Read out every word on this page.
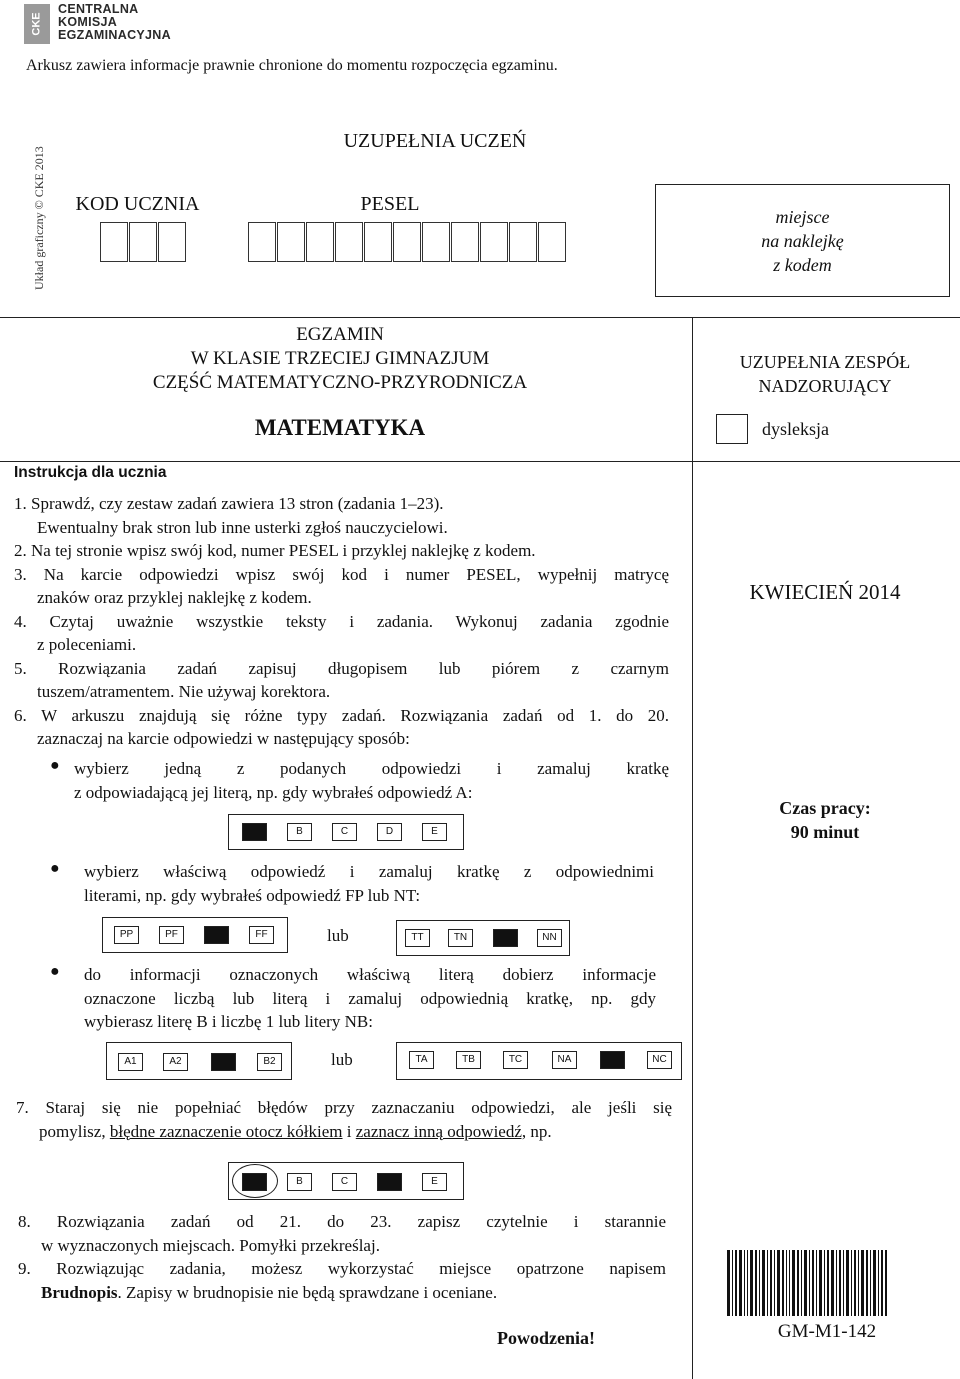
CKE
CENTRALNA
KOMISJA
EGZAMINACYJNA
Arkusz zawiera informacje prawnie chronione do momentu rozpoczęcia egzaminu.
Układ graficzny © CKE 2013
UZUPEŁNIA UCZEŃ
KOD UCZNIA	PESEL
miejsce
na naklejkę
z kodem
EGZAMIN
W KLASIE TRZECIEJ GIMNAZJUM
CZĘŚĆ MATEMATYCZNO-PRZYRODNICZA
MATEMATYKA
UZUPEŁNIA ZESPÓŁ
NADZORUJĄCY
dysleksja
KWIECIEŃ 2014
Czas pracy:
90 minut
GM-M1-142
Instrukcja dla ucznia

1. Sprawdź, czy zestaw zadań zawiera 13 stron (zadania 1–23).

Ewentualny brak stron lub inne usterki zgłoś nauczycielowi.

2. Na tej stronie wpisz swój kod, numer PESEL i przyklej naklejkę z kodem.

3. Na karcie odpowiedzi wpisz swój kod i numer PESEL, wypełnij matrycę

znaków oraz przyklej naklejkę z kodem.

4. Czytaj uważnie wszystkie teksty i zadania. Wykonuj zadania zgodnie

z poleceniami.

5. Rozwiązania zadań zapisuj długopisem lub piórem z czarnym

tuszem/atramentem. Nie używaj korektora.

6. W arkuszu znajdują się różne typy zadań. Rozwiązania zadań od 1. do 20.

zaznaczaj na karcie odpowiedzi w następujący sposób:

● wybierz jedną z podanych odpowiedzi i zamaluj kratkę

z odpowiadającą jej literą, np. gdy wybrałeś odpowiedź A:

B	C	D	E
● wybierz właściwą odpowiedź i zamaluj kratkę z odpowiednimi

literami, np. gdy wybrałeś odpowiedź FP lub NT:

PP	PF	FF	lub	TT	TN	NN
● do informacji oznaczonych właściwą literą dobierz informacje

oznaczone liczbą lub literą i zamaluj odpowiednią kratkę, np. gdy

wybierasz literę B i liczbę 1 lub litery NB:

A1	A2	B2	lub	TA	TB	TC	NA	NC

7. Staraj się nie popełniać błędów przy zaznaczaniu odpowiedzi, ale jeśli się

pomylisz, błędne zaznaczenie otocz kółkiem i zaznacz inną odpowiedź, np.

B	C	E

8. Rozwiązania zadań od 21. do 23. zapisz czytelnie i starannie

w wyznaczonych miejscach. Pomyłki przekreślaj.

9. Rozwiązując zadania, możesz wykorzystać miejsce opatrzone napisem

Brudnopis. Zapisy w brudnopisie nie będą sprawdzane i oceniane.

Powodzenia!
